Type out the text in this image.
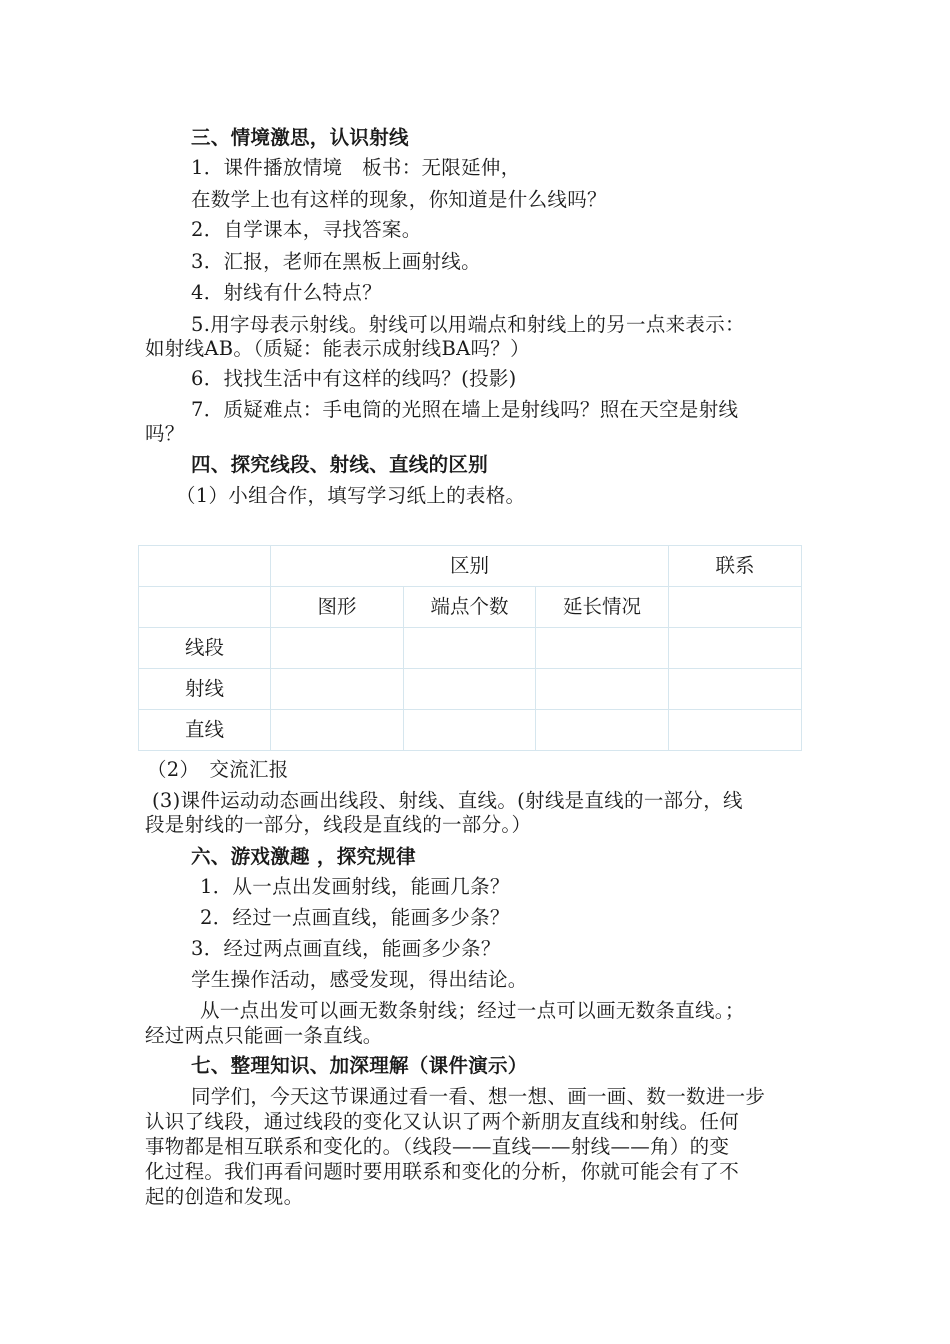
三、情境激思，认识射线
1．课件播放情境　板书：无限延伸，
在数学上也有这样的现象，你知道是什么线吗？
2．自学课本，寻找答案。
3．汇报，老师在黑板上画射线。
4．射线有什么特点？
5.用字母表示射线。射线可以用端点和射线上的另一点来表示：
如射线AB。（质疑：能表示成射线BA吗？）
6．找找生活中有这样的线吗？(投影)
7．质疑难点：手电筒的光照在墙上是射线吗？照在天空是射线
吗？
四、探究线段、射线、直线的区别
（1）小组合作，填写学习纸上的表格。
	区别			联系
	图形	端点个数	延长情况	
线段				
射线				
直线				
（2）　交流汇报
(3)课件运动动态画出线段、射线、直线。(射线是直线的一部分，线
段是射线的一部分，线段是直线的一部分。）
六、游戏激趣 ，探究规律
1．从一点出发画射线，能画几条？
2．经过一点画直线，能画多少条？
3．经过两点画直线，能画多少条？
学生操作活动，感受发现，得出结论。
从一点出发可以画无数条射线；经过一点可以画无数条直线。；
经过两点只能画一条直线。
七、整理知识、加深理解（课件演示）
同学们，今天这节课通过看一看、想一想、画一画、数一数进一步
认识了线段，通过线段的变化又认识了两个新朋友直线和射线。任何
事物都是相互联系和变化的。（线段——直线——射线——角）的变
化过程。我们再看问题时要用联系和变化的分析，你就可能会有了不
起的创造和发现。
